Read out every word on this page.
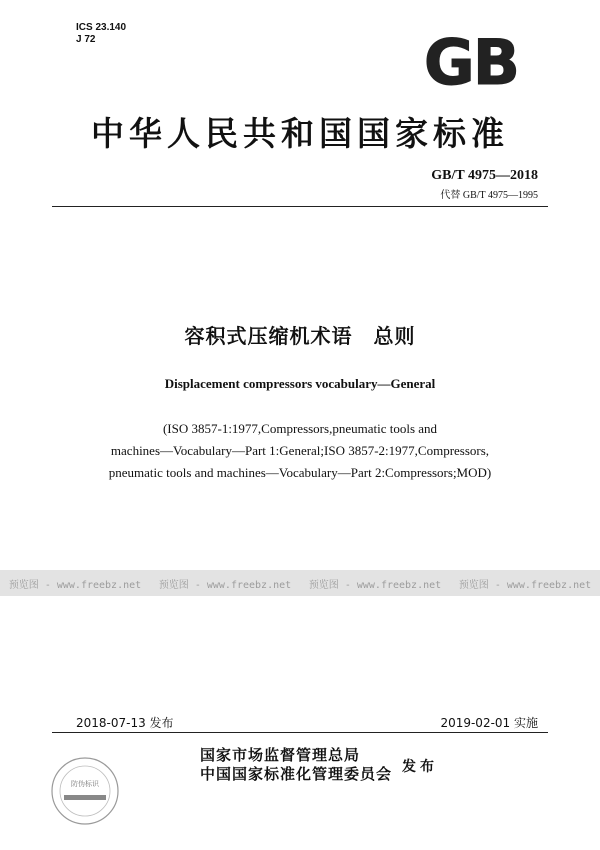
ICS 23.140
J 72	GB
中华人民共和国国家标准
GB/T 4975—2018
代替 GB/T 4975—1995
容积式压缩机术语　总则
Displacement compressors vocabulary—General
(ISO 3857-1:1977,Compressors,pneumatic tools and
machines—Vocabulary—Part 1:General;ISO 3857-2:1977,Compressors,
pneumatic tools and machines—Vocabulary—Part 2:Compressors;MOD)
预览图 - www.freebz.net 预览图 - www.freebz.net 预览图 - www.freebz.net 预览图 - www.freebz.net
2018-07-13 发布	2019-02-01 实施
防伪标识
国家市场监督管理总局
中国国家标准化管理委员会 发布
